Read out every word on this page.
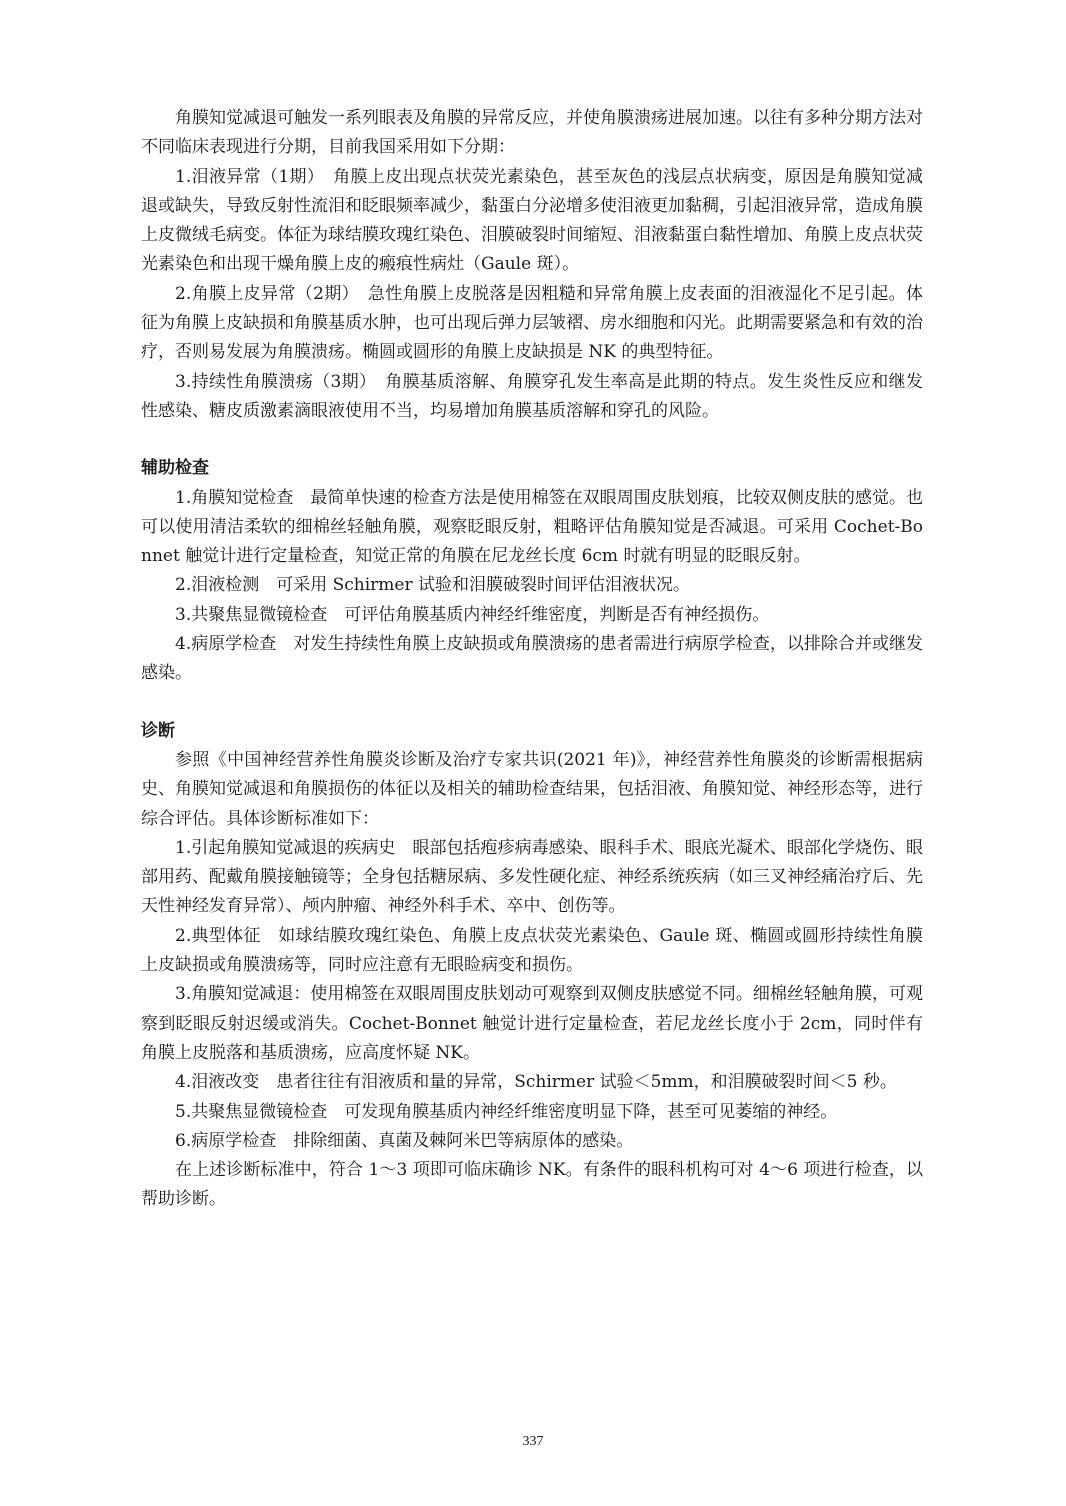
角膜知觉减退可触发一系列眼表及角膜的异常反应，并使角膜溃疡进展加速。以往有多种分期方法对不同临床表现进行分期，目前我国采用如下分期：

1.泪液异常（1期）　角膜上皮出现点状荧光素染色，甚至灰色的浅层点状病变，原因是角膜知觉减退或缺失，导致反射性流泪和眨眼频率减少，黏蛋白分泌增多使泪液更加黏稠，引起泪液异常，造成角膜上皮微绒毛病变。体征为球结膜玫瑰红染色、泪膜破裂时间缩短、泪液黏蛋白黏性增加、角膜上皮点状荧光素染色和出现干燥角膜上皮的瘢痕性病灶（Gaule 斑）。

2.角膜上皮异常（2期）　急性角膜上皮脱落是因粗糙和异常角膜上皮表面的泪液湿化不足引起。体征为角膜上皮缺损和角膜基质水肿，也可出现后弹力层皱褶、房水细胞和闪光。此期需要紧急和有效的治疗，否则易发展为角膜溃疡。椭圆或圆形的角膜上皮缺损是 NK 的典型特征。

3.持续性角膜溃疡（3期）　角膜基质溶解、角膜穿孔发生率高是此期的特点。发生炎性反应和继发性感染、糖皮质激素滴眼液使用不当，均易增加角膜基质溶解和穿孔的风险。

辅助检查

1.角膜知觉检查　最简单快速的检查方法是使用棉签在双眼周围皮肤划痕，比较双侧皮肤的感觉。也可以使用清洁柔软的细棉丝轻触角膜，观察眨眼反射，粗略评估角膜知觉是否减退。可采用 Cochet-Bonnet 触觉计进行定量检查，知觉正常的角膜在尼龙丝长度 6cm 时就有明显的眨眼反射。

2.泪液检测　可采用 Schirmer 试验和泪膜破裂时间评估泪液状况。

3.共聚焦显微镜检查　可评估角膜基质内神经纤维密度，判断是否有神经损伤。

4.病原学检查　对发生持续性角膜上皮缺损或角膜溃疡的患者需进行病原学检查，以排除合并或继发感染。

诊断

参照《中国神经营养性角膜炎诊断及治疗专家共识(2021 年)》，神经营养性角膜炎的诊断需根据病史、角膜知觉减退和角膜损伤的体征以及相关的辅助检查结果，包括泪液、角膜知觉、神经形态等，进行综合评估。具体诊断标准如下：

1.引起角膜知觉减退的疾病史　眼部包括疱疹病毒感染、眼科手术、眼底光凝术、眼部化学烧伤、眼部用药、配戴角膜接触镜等；全身包括糖尿病、多发性硬化症、神经系统疾病（如三叉神经痛治疗后、先天性神经发育异常）、颅内肿瘤、神经外科手术、卒中、创伤等。

2.典型体征　如球结膜玫瑰红染色、角膜上皮点状荧光素染色、Gaule 斑、椭圆或圆形持续性角膜上皮缺损或角膜溃疡等，同时应注意有无眼睑病变和损伤。

3.角膜知觉减退：使用棉签在双眼周围皮肤划动可观察到双侧皮肤感觉不同。细棉丝轻触角膜，可观察到眨眼反射迟缓或消失。Cochet-Bonnet 触觉计进行定量检查，若尼龙丝长度小于 2cm，同时伴有角膜上皮脱落和基质溃疡，应高度怀疑 NK。

4.泪液改变　患者往往有泪液质和量的异常，Schirmer 试验＜5mm，和泪膜破裂时间＜5 秒。

5.共聚焦显微镜检查　可发现角膜基质内神经纤维密度明显下降，甚至可见萎缩的神经。

6.病原学检查　排除细菌、真菌及棘阿米巴等病原体的感染。

在上述诊断标准中，符合 1～3 项即可临床确诊 NK。有条件的眼科机构可对 4～6 项进行检查，以帮助诊断。

337
